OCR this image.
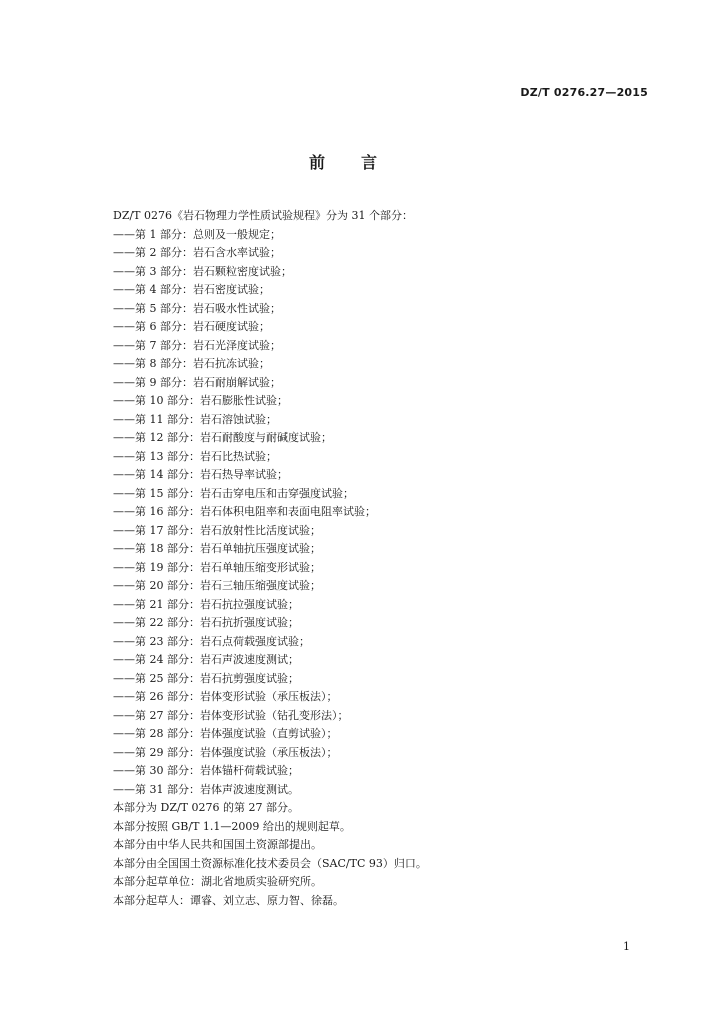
DZ/T 0276.27—2015
前言
DZ/T 0276《岩石物理力学性质试验规程》分为 31 个部分：
——第 1 部分：总则及一般规定；
——第 2 部分：岩石含水率试验；
——第 3 部分：岩石颗粒密度试验；
——第 4 部分：岩石密度试验；
——第 5 部分：岩石吸水性试验；
——第 6 部分：岩石硬度试验；
——第 7 部分：岩石光泽度试验；
——第 8 部分：岩石抗冻试验；
——第 9 部分：岩石耐崩解试验；
——第 10 部分：岩石膨胀性试验；
——第 11 部分：岩石溶蚀试验；
——第 12 部分：岩石耐酸度与耐碱度试验；
——第 13 部分：岩石比热试验；
——第 14 部分：岩石热导率试验；
——第 15 部分：岩石击穿电压和击穿强度试验；
——第 16 部分：岩石体积电阻率和表面电阻率试验；
——第 17 部分：岩石放射性比活度试验；
——第 18 部分：岩石单轴抗压强度试验；
——第 19 部分：岩石单轴压缩变形试验；
——第 20 部分：岩石三轴压缩强度试验；
——第 21 部分：岩石抗拉强度试验；
——第 22 部分：岩石抗折强度试验；
——第 23 部分：岩石点荷载强度试验；
——第 24 部分：岩石声波速度测试；
——第 25 部分：岩石抗剪强度试验；
——第 26 部分：岩体变形试验（承压板法）；
——第 27 部分：岩体变形试验（钻孔变形法）；
——第 28 部分：岩体强度试验（直剪试验）；
——第 29 部分：岩体强度试验（承压板法）；
——第 30 部分：岩体锚杆荷载试验；
——第 31 部分：岩体声波速度测试。
本部分为 DZ/T 0276 的第 27 部分。
本部分按照 GB/T 1.1—2009 给出的规则起草。
本部分由中华人民共和国国土资源部提出。
本部分由全国国土资源标准化技术委员会（SAC/TC 93）归口。
本部分起草单位：湖北省地质实验研究所。
本部分起草人：谭睿、刘立志、原力智、徐磊。
1
